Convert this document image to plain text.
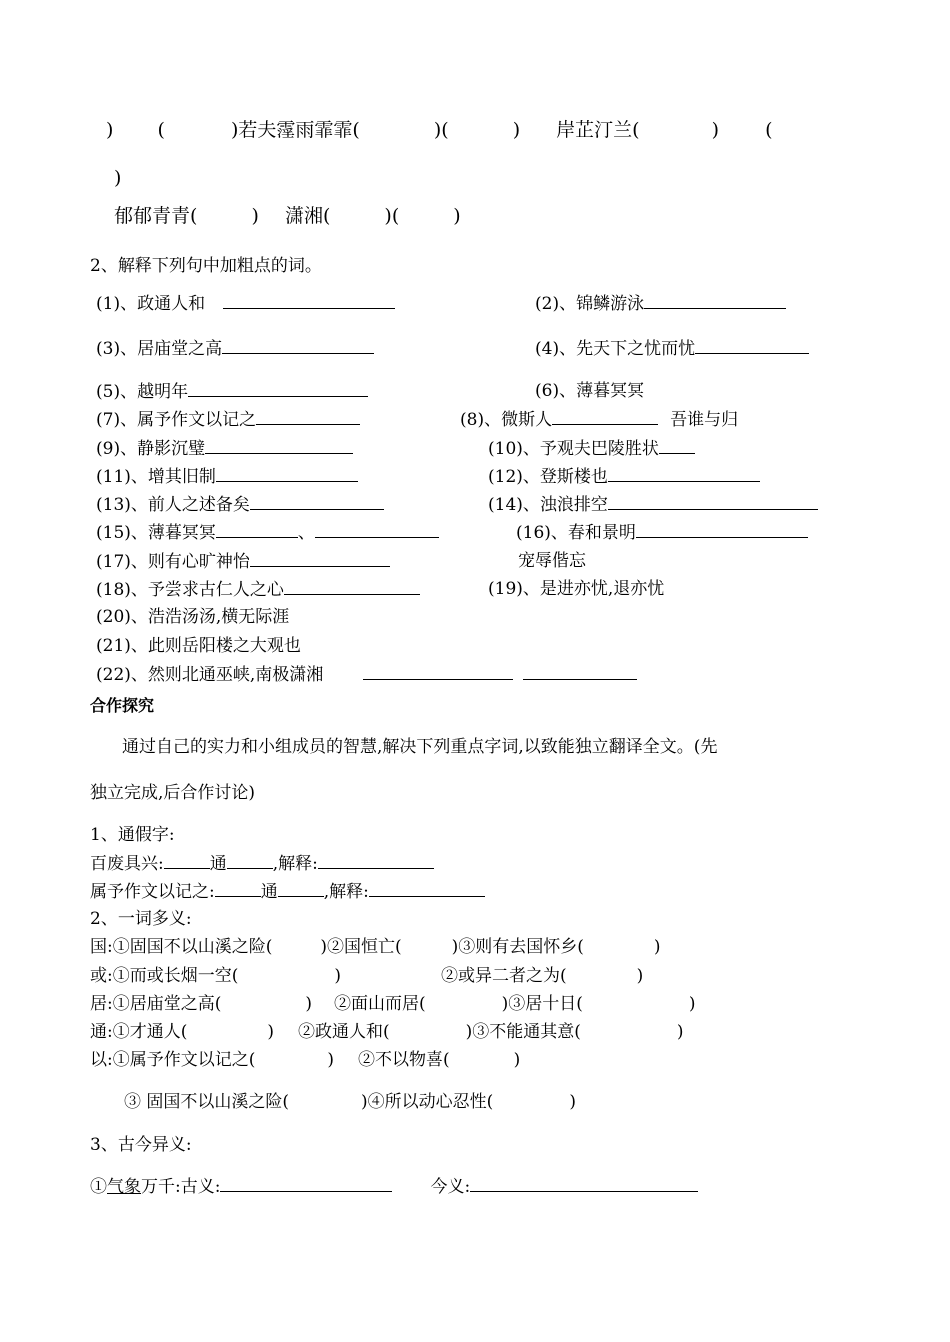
) (	)若夫霪雨霏霏(	)(	) 岸芷汀兰(	) (
)
郁郁青青(	) 潇湘(	)(	)
2、解释下列句中加粗点的词。
(1)、政通人和	(2)、锦鳞游泳
(3)、居庙堂之高	(4)、先天下之忧而忧
(5)、越明年	(6)、薄暮冥冥
(7)、属予作文以记之	(8)、微斯人	吾谁与归
(9)、静影沉璧	(10)、予观夫巴陵胜状
(11)、增其旧制	(12)、登斯楼也
(13)、前人之述备矣	(14)、浊浪排空
(15)、薄暮冥冥	、	(16)、春和景明
(17)、则有心旷神怡	宠辱偕忘
(18)、予尝求古仁人之心	(19)、是进亦忧,退亦忧
(20)、浩浩汤汤,横无际涯
(21)、此则岳阳楼之大观也
(22)、然则北通巫峡,南极潇湘
合作探究
通过自己的实力和小组成员的智慧,解决下列重点字词,以致能独立翻译全文。(先
独立完成,后合作讨论)
1、通假字:
百废具兴:	通	,解释:
属予作文以记之:	通	,解释:
2、一词多义:
国:①固国不以山溪之险(	)②国恒亡(	)③则有去国怀乡(	)
或:①而或长烟一空(	)	②或异二者之为(	)
居:①居庙堂之高(	) ②面山而居(	)③居十日(	)
通:①才通人(	) ②政通人和(	)③不能通其意(	)
以:①属予作文以记之(	) ②不以物喜(	)
③ 固国不以山溪之险(	)④所以动心忍性(	)
3、古今异义:
①气象万千:古义:	今义:
